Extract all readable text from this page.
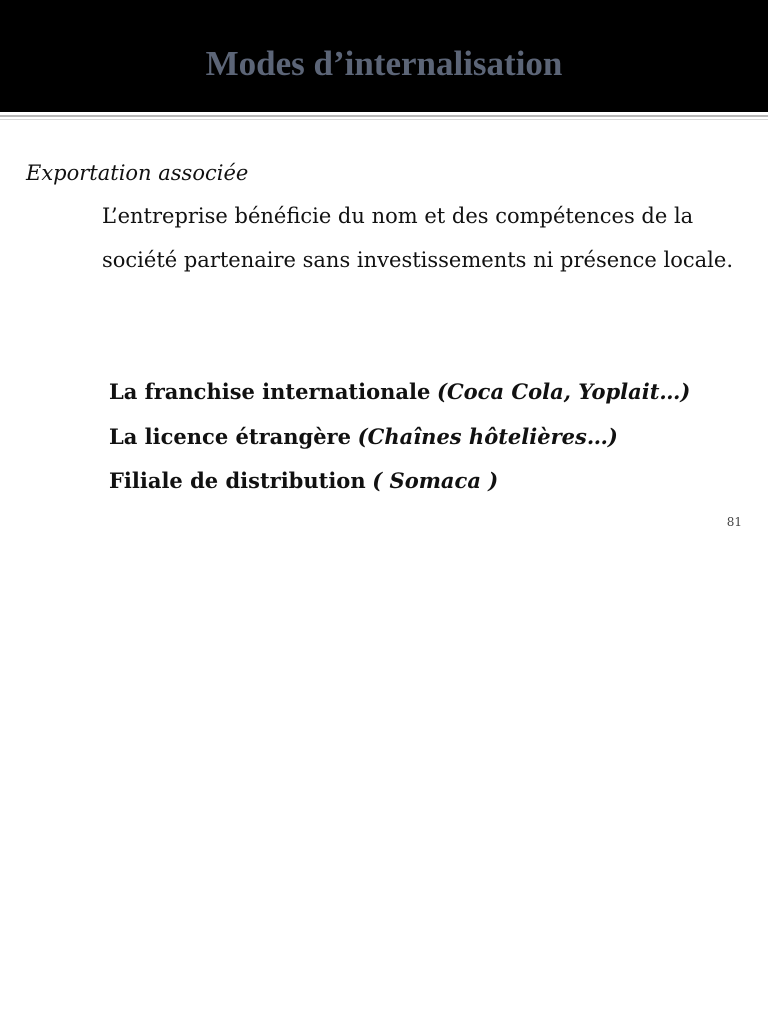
Modes d’internalisation
Exportation associée
L’entreprise bénéficie du nom et des compétences de la société partenaire sans investissements ni présence locale.
La franchise internationale (Coca Cola, Yoplait…)
La licence étrangère (Chaînes hôtelières…)
Filiale de distribution ( Somaca )
81
